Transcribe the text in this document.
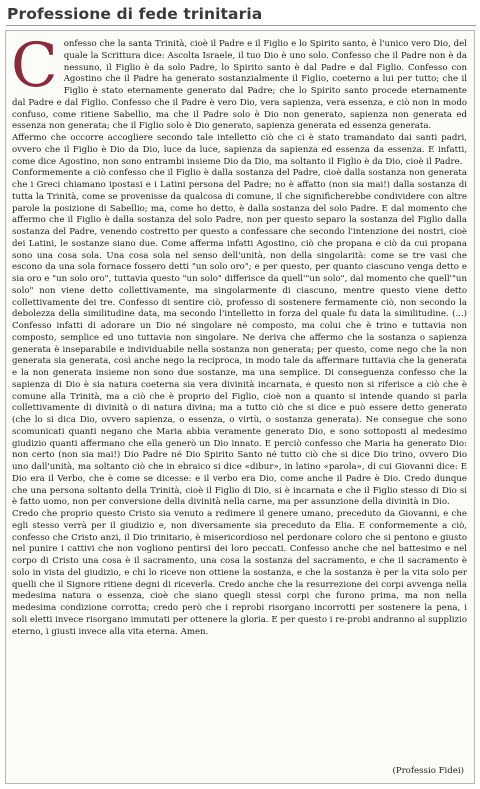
Professione di fede trinitaria

Confesso che la santa Trinità, cioè il Padre e il Figlio e lo Spirito santo, è l'unico vero Dio, del quale la Scrittura dice: Ascolta Israele, il tuo Dio è uno solo. Confesso che il Padre non è da nessuno, il Figlio è da solo Padre, lo Spirito santo è dal Padre e dal Figlio. Confesso con Agostino che il Padre ha generato sostanzialmente il Figlio, coeterno a lui per tutto; che il Figlio è stato eternamente generato dal Padre; che lo Spirito santo procede eternamente dal Padre e dal Figlio. Confesso che il Padre è vero Dio, vera sapienza, vera essenza, e ciò non in modo confuso, come ritiene Sabellio, ma che il Padre solo è Dio non generato, sapienza non generata ed essenza non generata; che il Figlio solo è Dio generato, sapienza generata ed essenza generata.

Affermo che occorre accogliere secondo tale intelletto ciò che ci è stato tramandato dai santi padri, ovvero che il Figlio è Dio da Dio, luce da luce, sapienza da sapienza ed essenza da essenza. E infatti, come dice Agostino, non sono entrambi insieme Dio da Dio, ma soltanto il Figlio è da Dio, cioè il Padre.

Conformemente a ciò confesso che il Figlio è dalla sostanza del Padre, cioè dalla sostanza non generata che i Greci chiamano ipostasi e i Latini persona del Padre; no è affatto (non sia mai!) dalla sostanza di tutta la Trinità, come se provenisse da qualcosa di comune, il che significherebbe condividere con altre parole la posizione di Sabellio; ma, come ho detto, è dalla sostanza del solo Padre. E dal momento che affermo che il Figlio è dalla sostanza del solo Padre, non per questo separo la sostanza del Figlio dalla sostanza del Padre, venendo costretto per questo a confessare che secondo l'intenzione dei nostri, cioè dei Latini, le sostanze siano due. Come afferma infatti Agostino, ciò che propana e ciò da cui propana sono una cosa sola. Una cosa sola nel senso dell'unità, non della singolarità: come se tre vasi che escono da una sola fornace fossero detti "un solo oro"; e per questo, per quanto ciascuno venga detto e sia oro e "un solo oro", tuttavia questo "un solo" differisce da quell'"un solo", dal momento che quell'"un solo" non viene detto collettivamente, ma singolarmente di ciascuno, mentre questo viene detto collettivamente dei tre. Confesso di sentire ciò, professo di sostenere fermamente ciò, non secondo la debolezza della similitudine data, ma secondo l'intelletto in forza del quale fu data la similitudine. (...) Confesso infatti di adorare un Dio né singolare né composto, ma colui che è trino e tuttavia non composto, semplice ed uno tuttavia non singolare. Ne deriva che affermo che la sostanza o sapienza generata è inseparabile e individuabile nella sostanza non generata; per questo, come nego che la non generata sia generata, così anche nego la reciproca, in modo tale da affermare tuttavia che la generata e la non generata insieme non sono due sostanze, ma una semplice. Di conseguenza confesso che la sapienza di Dio è sia natura coeterna sia vera divinità incarnata, e questo non si riferisce a ciò che è comune alla Trinità, ma a ciò che è proprio del Figlio, cioè non a quanto si intende quando si parla collettivamente di divinità o di natura divina; ma a tutto ciò che si dice e può essere detto generato (che lo si dica Dio, ovvero sapienza, o essenza, o virtù, o sostanza generata). Ne consegue che sono scomunicati quanti negano che Maria abbia veramente generato Dio, e sono sottoposti al medesimo giudizio quanti affermano che ella generò un Dio innato. E perciò confesso che Maria ha generato Dio: non certo (non sia mai!) Dio Padre né Dio Spirito Santo né tutto ciò che si dice Dio trino, ovvero Dio uno dall'unità, ma soltanto ciò che in ebraico si dice «dibur», in latino «parola», di cui Giovanni dice: E Dio era il Verbo, che è come se dicesse: e il verbo era Dio, come anche il Padre è Dio. Credo dunque che una persona soltanto della Trinità, cioè il Figlio di Dio, si è incarnata e che il Figlio stesso di Dio si è fatto uomo, non per conversione della divinità nella carne, ma per assunzione della divinità in Dio.

Credo che proprio questo Cristo sia venuto a redimere il genere umano, preceduto da Giovanni, e che egli stesso verrà per il giudizio e, non diversamente sia preceduto da Elia. E conformemente a ciò, confesso che Cristo anzi, il Dio trinitario, è misericordioso nel perdonare coloro che si pentono e giusto nel punire i cattivi che non vogliono pentirsi dei loro peccati. Confesso anche che nel battesimo e nel corpo di Cristo una cosa è il sacramento, una cosa la sostanza del sacramento, e che il sacramento è solo in vista del giudizio, e chi lo riceve non ottiene la sostanza, e che la sostanza è per la vita solo per quelli che il Signore ritiene degni di riceverla. Credo anche che la resurrezione dei corpi avvenga nella medesima natura o essenza, cioè che siano quegli stessi corpi che furono prima, ma non nella medesima condizione corrotta; credo però che i reprobi risorgano incorrotti per sostenere la pena, i soli eletti invece risorgano immutati per ottenere la gloria. E per questo i re-probi andranno al supplizio eterno, i giusti invece alla vita eterna. Amen.

(Professio Fidei)
